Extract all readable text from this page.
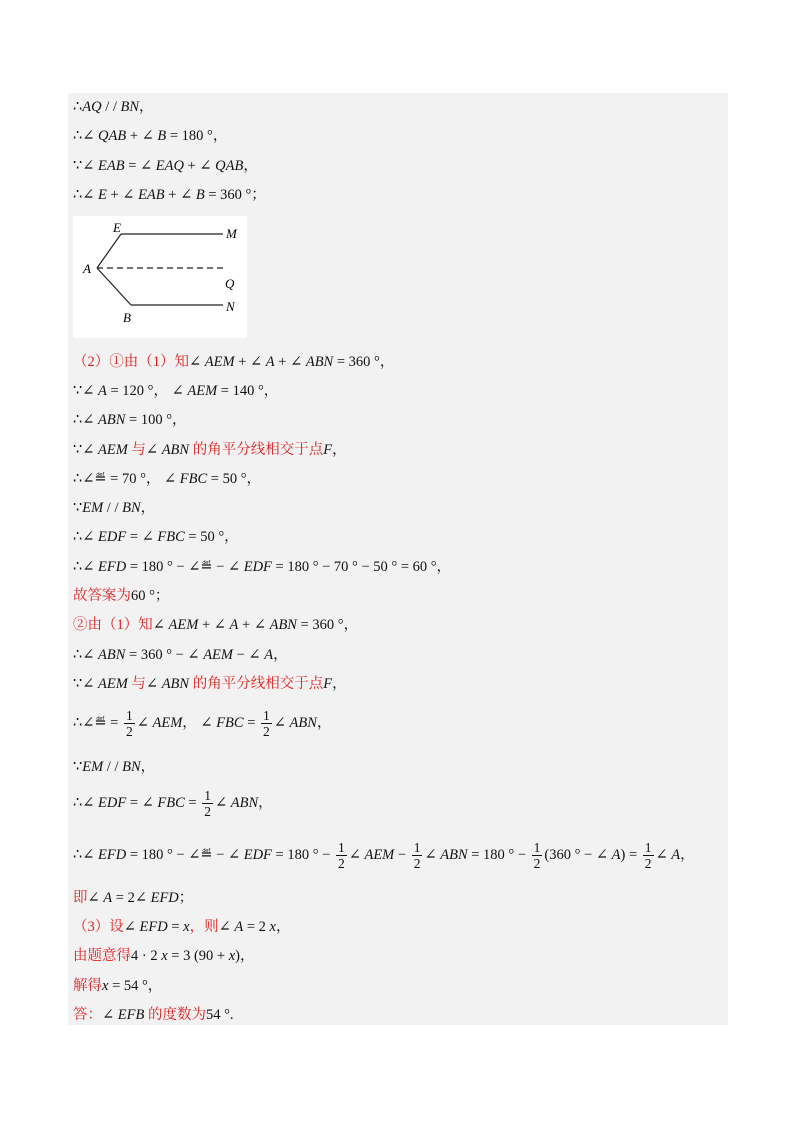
∴AQ / / BN，
∴∠ QAB + ∠ B = 180 °，
∵∠ EAB = ∠ EAQ + ∠ QAB，
∴∠ E + ∠ EAB + ∠ B = 360 °；
E	M
A
Q
B
N
（2）①由（1）知∠ AEM + ∠ A + ∠ ABN = 360 °，
∵∠ A = 120 °， ∠ AEM = 140 °，
∴∠ ABN = 100 °，
∵∠ AEM 与∠ ABN 的角平分线相交于点F，
∴∠≝ = 70 °， ∠ FBC = 50 °，
∵EM / / BN，
∴∠ EDF = ∠ FBC = 50 °，
∴∠ EFD = 180 ° − ∠≝ − ∠ EDF = 180 ° − 70 ° − 50 ° = 60 °，
故答案为60 °；
②由（1）知∠ AEM + ∠ A + ∠ ABN = 360 °，
∴∠ ABN = 360 ° − ∠ AEM − ∠ A，
∵∠ AEM 与∠ ABN 的角平分线相交于点F，
∴∠≝ = $\frac{1}{2}$ ∠ AEM， ∠ FBC = $\frac{1}{2}$ ∠ ABN，
∵EM / / BN，
∴∠ EDF = ∠ FBC = $\frac{1}{2}$ ∠ ABN，
∴∠ EFD = 180 ° − ∠≝ − ∠ EDF = 180 ° − $\frac{1}{2}$ ∠ AEM − $\frac{1}{2}$ ∠ ABN = 180 ° − $\frac{1}{2} (360$ ° − ∠ $A) = \frac{1}{2}$ ∠ A，
即∠ A = 2∠ EFD；
（3）设∠ EFD = x，则∠ A = 2 x，
由题意得4 · 2 x = 3 (90 + x)，
解得x = 54 °，
答：∠ EFB 的度数为54 °.
